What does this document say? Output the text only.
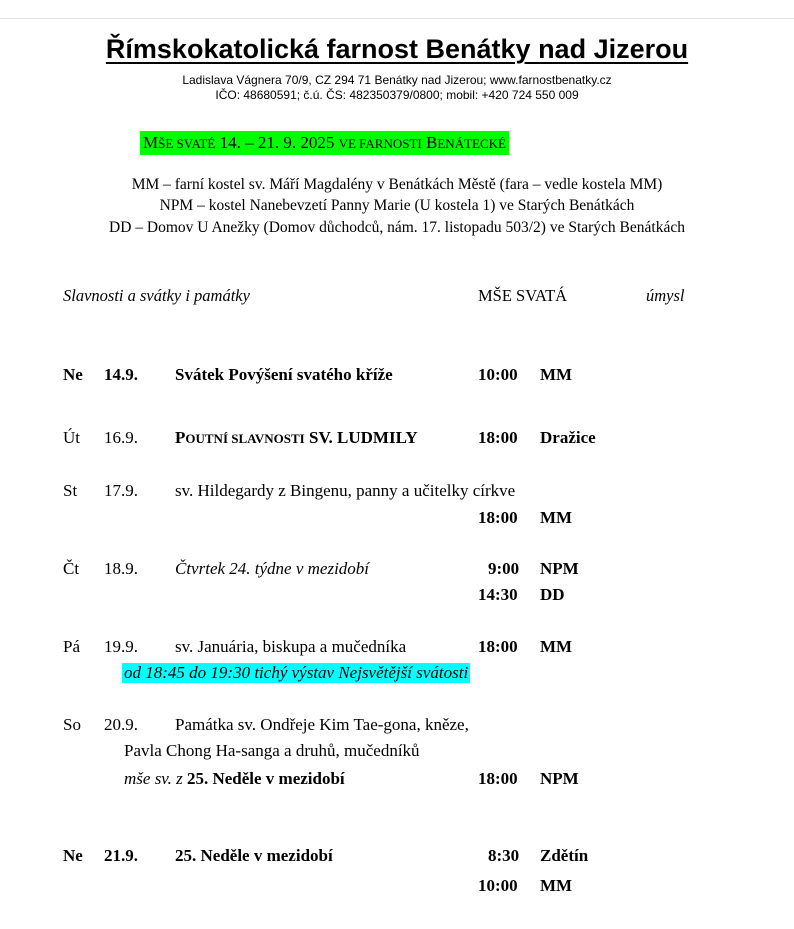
Římskokatolická farnost Benátky nad Jizerou
Ladislava Vágnera 70/9, CZ 294 71 Benátky nad Jizerou; www.farnostbenatky.cz
IČO: 48680591; č.ú. ČS: 482350379/0800; mobil: +420 724 550 009
MŠE SVATÉ 14. – 21. 9. 2025 VE FARNOSTI BENÁTECKÉ
MM – farní kostel sv. Máří Magdalény v Benátkách Městě (fara – vedle kostela MM)
NPM – kostel Nanebevzetí Panny Marie (U kostela 1) ve Starých Benátkách
DD – Domov U Anežky (Domov důchodců, nám. 17. listopadu 503/2) ve Starých Benátkách
Slavnosti a svátky i památky	MŠE SVATÁ	úmysl
Ne 14.9. Svátek Povýšení svatého kříže	10:00 MM
Út 16.9. POUTNÍ SLAVNOSTI SV. LUDMILY	18:00 Dražice
St 17.9. sv. Hildegardy z Bingenu, panny a učitelky církve
18:00 MM
Čt 18.9. Čtvrtek 24. týdne v mezidobí	9:00 NPM
14:30 DD
Pá 19.9. sv. Januária, biskupa a mučedníka	18:00 MM
od 18:45 do 19:30 tichý výstav Nejsvětější svátosti
So 20.9. Památka sv. Ondřeje Kim Tae-gona, kněze,
Pavla Chong Ha-sanga a druhů, mučedníků
mše sv. z 25. Neděle v mezidobí	18:00 NPM
Ne 21.9. 25. Neděle v mezidobí	8:30 Zdětín
10:00 MM
